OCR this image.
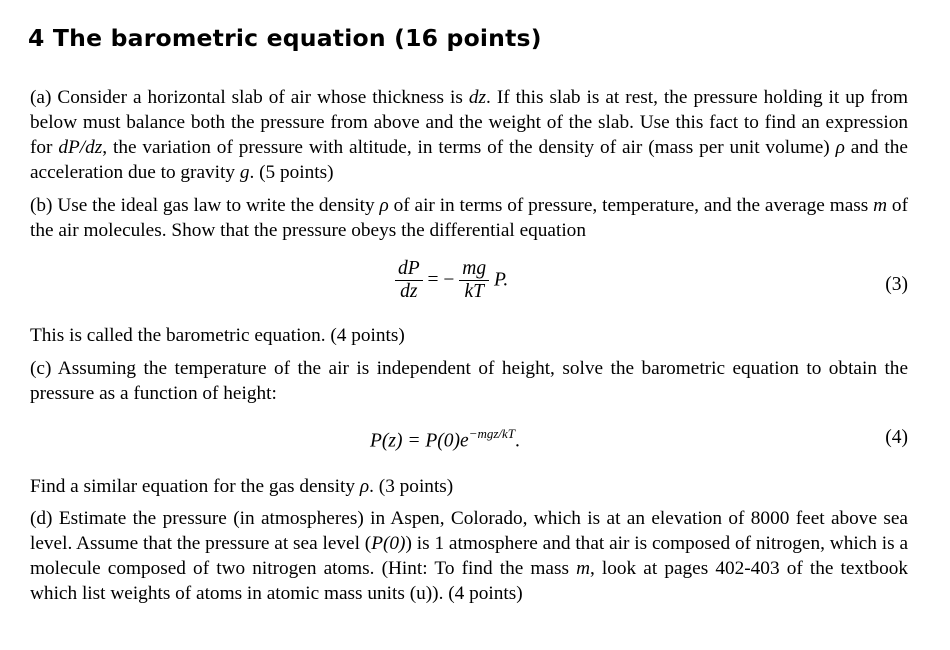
4 The barometric equation (16 points)

(a) Consider a horizontal slab of air whose thickness is dz. If this slab is at rest, the pressure holding it up from below must balance both the pressure from above and the weight of the slab. Use this fact to find an expression for dP/dz, the variation of pressure with altitude, in terms of the density of air (mass per unit volume) ρ and the acceleration due to gravity g. (5 points)

(b) Use the ideal gas law to write the density ρ of air in terms of pressure, temperature, and the average mass m of the air molecules. Show that the pressure obeys the differential equation

$\frac{dP}{dz}$ = − $\frac{mg}{kT} P$.	(3)

This is called the barometric equation. (4 points)

(c) Assuming the temperature of the air is independent of height, solve the barometric equation to obtain the pressure as a function of height:

$P(z) = P(0)e^{-mgz/kT}$.	(4)

Find a similar equation for the gas density ρ. (3 points)

(d) Estimate the pressure (in atmospheres) in Aspen, Colorado, which is at an elevation of 8000 feet above sea level. Assume that the pressure at sea level (P(0)) is 1 atmosphere and that air is composed of nitrogen, which is a molecule composed of two nitrogen atoms. (Hint: To find the mass m, look at pages 402-403 of the textbook which list weights of atoms in atomic mass units (u)). (4 points)
